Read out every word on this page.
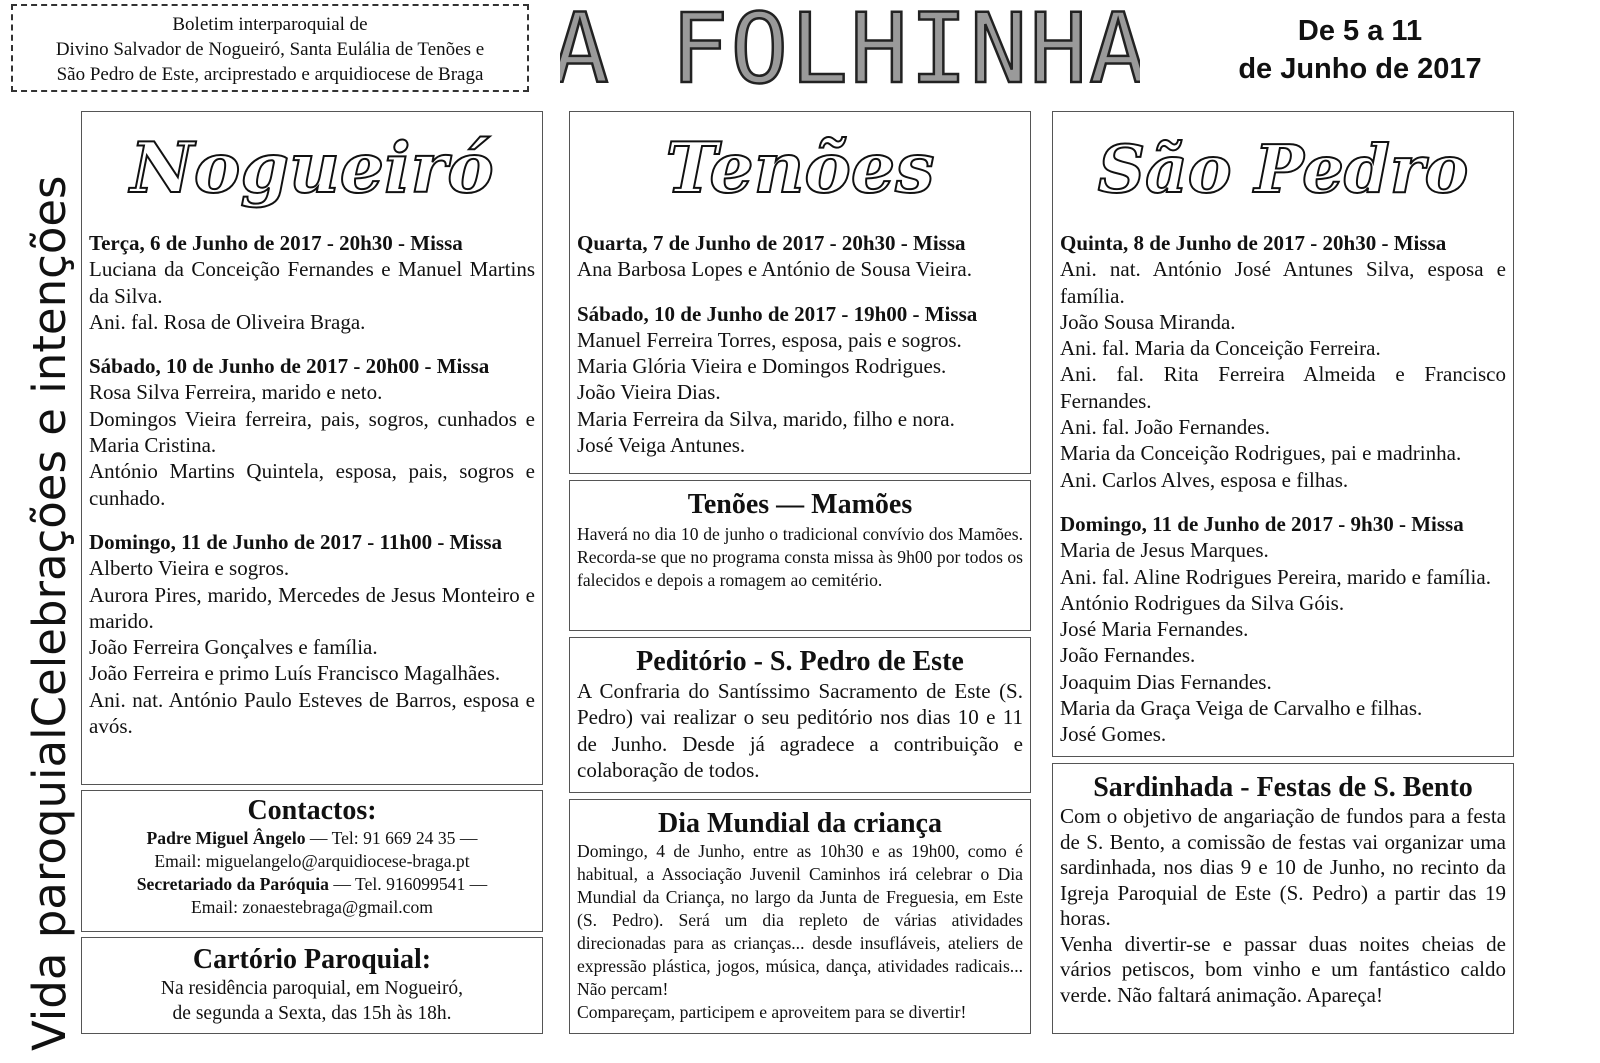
Boletim interparoquial de
Divino Salvador de Nogueiró, Santa Eulália de Tenões e
São Pedro de Este, arciprestado e arquidiocese de Braga A FOLHINHA	De 5 a 11
de Junho de 2017
Vida paroquial
Celebrações e intenções
Nogueiró
Terça, 6 de Junho de 2017 - 20h30 - Missa

Luciana da Conceição Fernandes e Manuel Martins da Silva.

Ani. fal. Rosa de Oliveira Braga.

Sábado, 10 de Junho de 2017 - 20h00 - Missa

Rosa Silva Ferreira, marido e neto.

Domingos Vieira ferreira, pais, sogros, cunhados e Maria Cristina.

António Martins Quintela, esposa, pais, sogros e cunhado.

Domingo, 11 de Junho de 2017 - 11h00 - Missa

Alberto Vieira e sogros.

Aurora Pires, marido, Mercedes de Jesus Monteiro e marido.

João Ferreira Gonçalves e família.

João Ferreira e primo Luís Francisco Magalhães.

Ani. nat. António Paulo Esteves de Barros, esposa e avós.

Contactos:
Padre Miguel Ângelo — Tel: 91 669 24 35 —
Email: miguelangelo@arquidiocese-braga.pt
Secretariado da Paróquia — Tel. 916099541 —
Email: zonaestebraga@gmail.com
Cartório Paroquial:
Na residência paroquial, em Nogueiró,
de segunda a Sexta, das 15h às 18h.
Tenões
Quarta, 7 de Junho de 2017 - 20h30 - Missa

Ana Barbosa Lopes e António de Sousa Vieira.

Sábado, 10 de Junho de 2017 - 19h00 - Missa

Manuel Ferreira Torres, esposa, pais e sogros.

Maria Glória Vieira e Domingos Rodrigues.

João Vieira Dias.

Maria Ferreira da Silva, marido, filho e nora.

José Veiga Antunes.

Tenões — Mamões
Haverá no dia 10 de junho o tradicional convívio dos Mamões. Recorda-se que no programa consta missa às 9h00 por todos os falecidos e depois a romagem ao cemitério.
Peditório - S. Pedro de Este
A Confraria do Santíssimo Sacramento de Este (S. Pedro) vai realizar o seu peditório nos dias 10 e 11 de Junho. Desde já agradece a contribuição e colaboração de todos.
Dia Mundial da criança
Domingo, 4 de Junho, entre as 10h30 e as 19h00, como é habitual, a Associação Juvenil Caminhos irá celebrar o Dia Mundial da Criança, no largo da Junta de Freguesia, em Este (S. Pedro). Será um dia repleto de várias atividades direcionadas para as crianças... desde insufláveis, ateliers de expressão plástica, jogos, música, dança, atividades radicais... Não percam!
Compareçam, participem e aproveitem para se divertir!
São Pedro
Quinta, 8 de Junho de 2017 - 20h30 - Missa

Ani. nat. António José Antunes Silva, esposa e família.

João Sousa Miranda.

Ani. fal. Maria da Conceição Ferreira.

Ani. fal. Rita Ferreira Almeida e Francisco Fernandes.

Ani. fal. João Fernandes.

Maria da Conceição Rodrigues, pai e madrinha.

Ani. Carlos Alves, esposa e filhas.

Domingo, 11 de Junho de 2017 - 9h30 - Missa

Maria de Jesus Marques.

Ani. fal. Aline Rodrigues Pereira, marido e família.

António Rodrigues da Silva Góis.

José Maria Fernandes.

João Fernandes.

Joaquim Dias Fernandes.

Maria da Graça Veiga de Carvalho e filhas.

José Gomes.

Sardinhada - Festas de S. Bento
Com o objetivo de angariação de fundos para a festa de S. Bento, a comissão de festas vai organizar uma sardinhada, nos dias 9 e 10 de Junho, no recinto da Igreja Paroquial de Este (S. Pedro) a partir das 19 horas.
Venha divertir-se e passar duas noites cheias de vários petiscos, bom vinho e um fantástico caldo verde. Não faltará animação. Apareça!
